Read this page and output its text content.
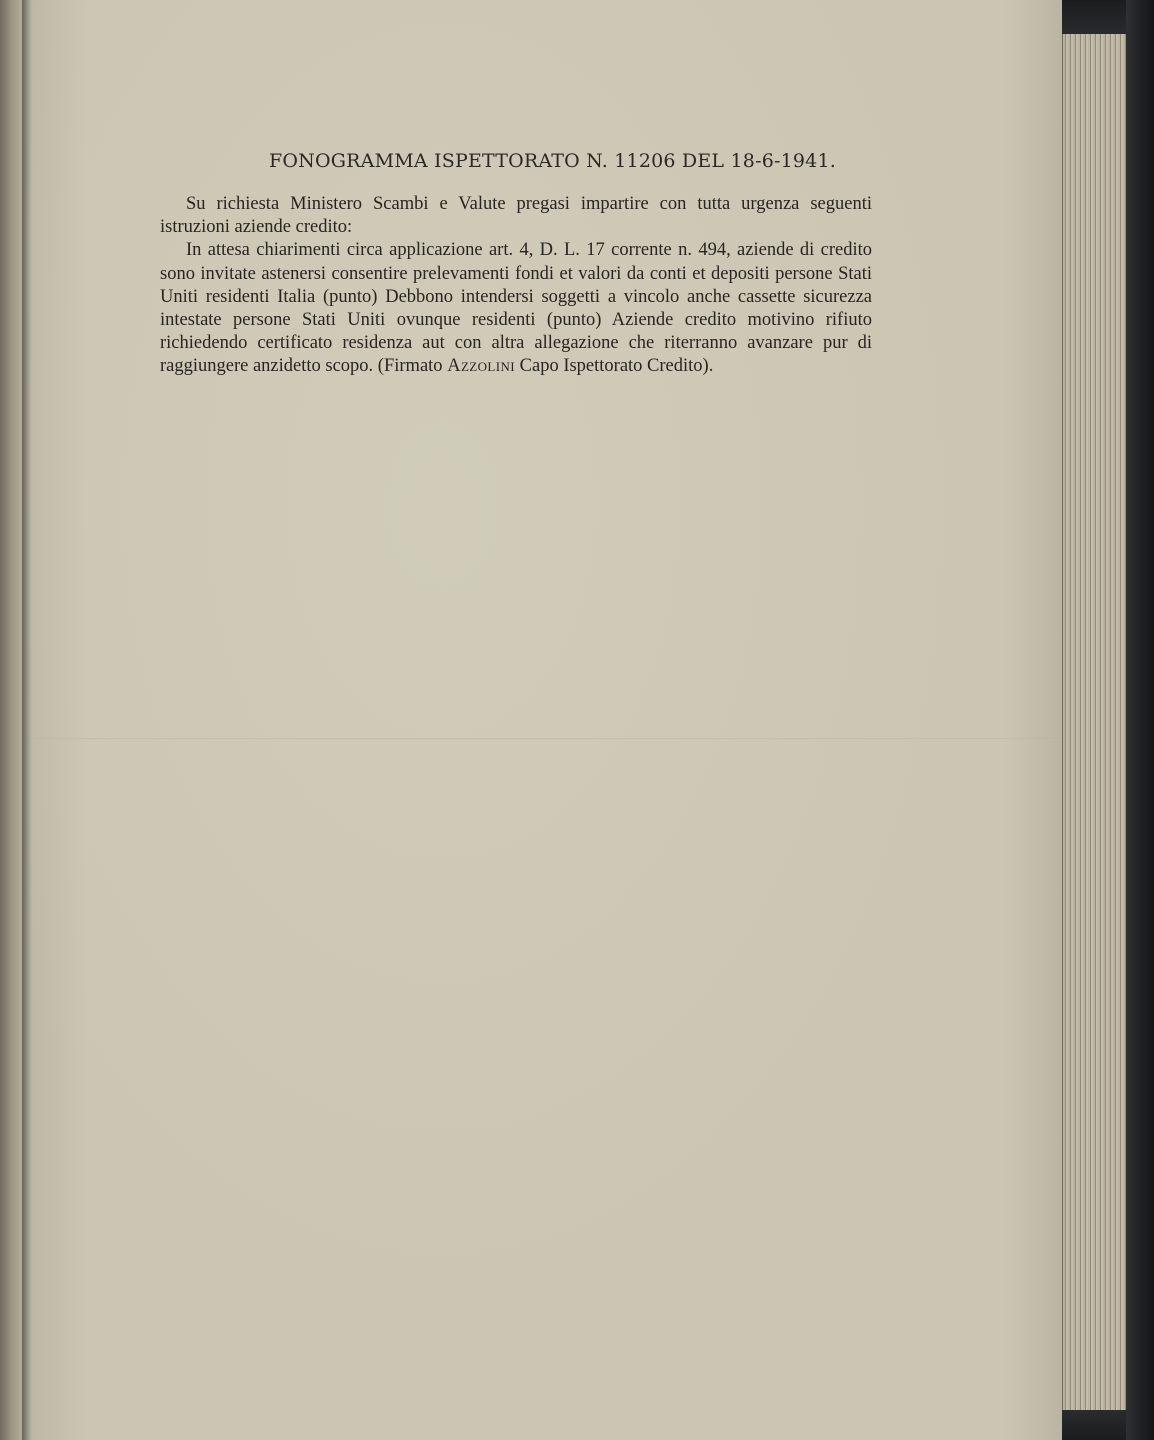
FONOGRAMMA ISPETTORATO N. 11206 DEL 18-6-1941.

Su richiesta Ministero Scambi e Valute pregasi impartire con tutta urgenza seguenti istruzioni aziende credito:

In attesa chiarimenti circa applicazione art. 4, D. L. 17 corrente n. 494, aziende di credito sono invitate astenersi consentire prelevamenti fondi et valori da conti et depositi persone Stati Uniti residenti Italia (punto) Debbono intendersi soggetti a vincolo anche cassette sicurezza intestate persone Stati Uniti ovunque residenti (punto) Aziende credito motivino rifiuto richiedendo certificato residenza aut con altra allegazione che riterranno avanzare pur di raggiungere anzidetto scopo. (Firmato Azzolini Capo Ispettorato Credito).
